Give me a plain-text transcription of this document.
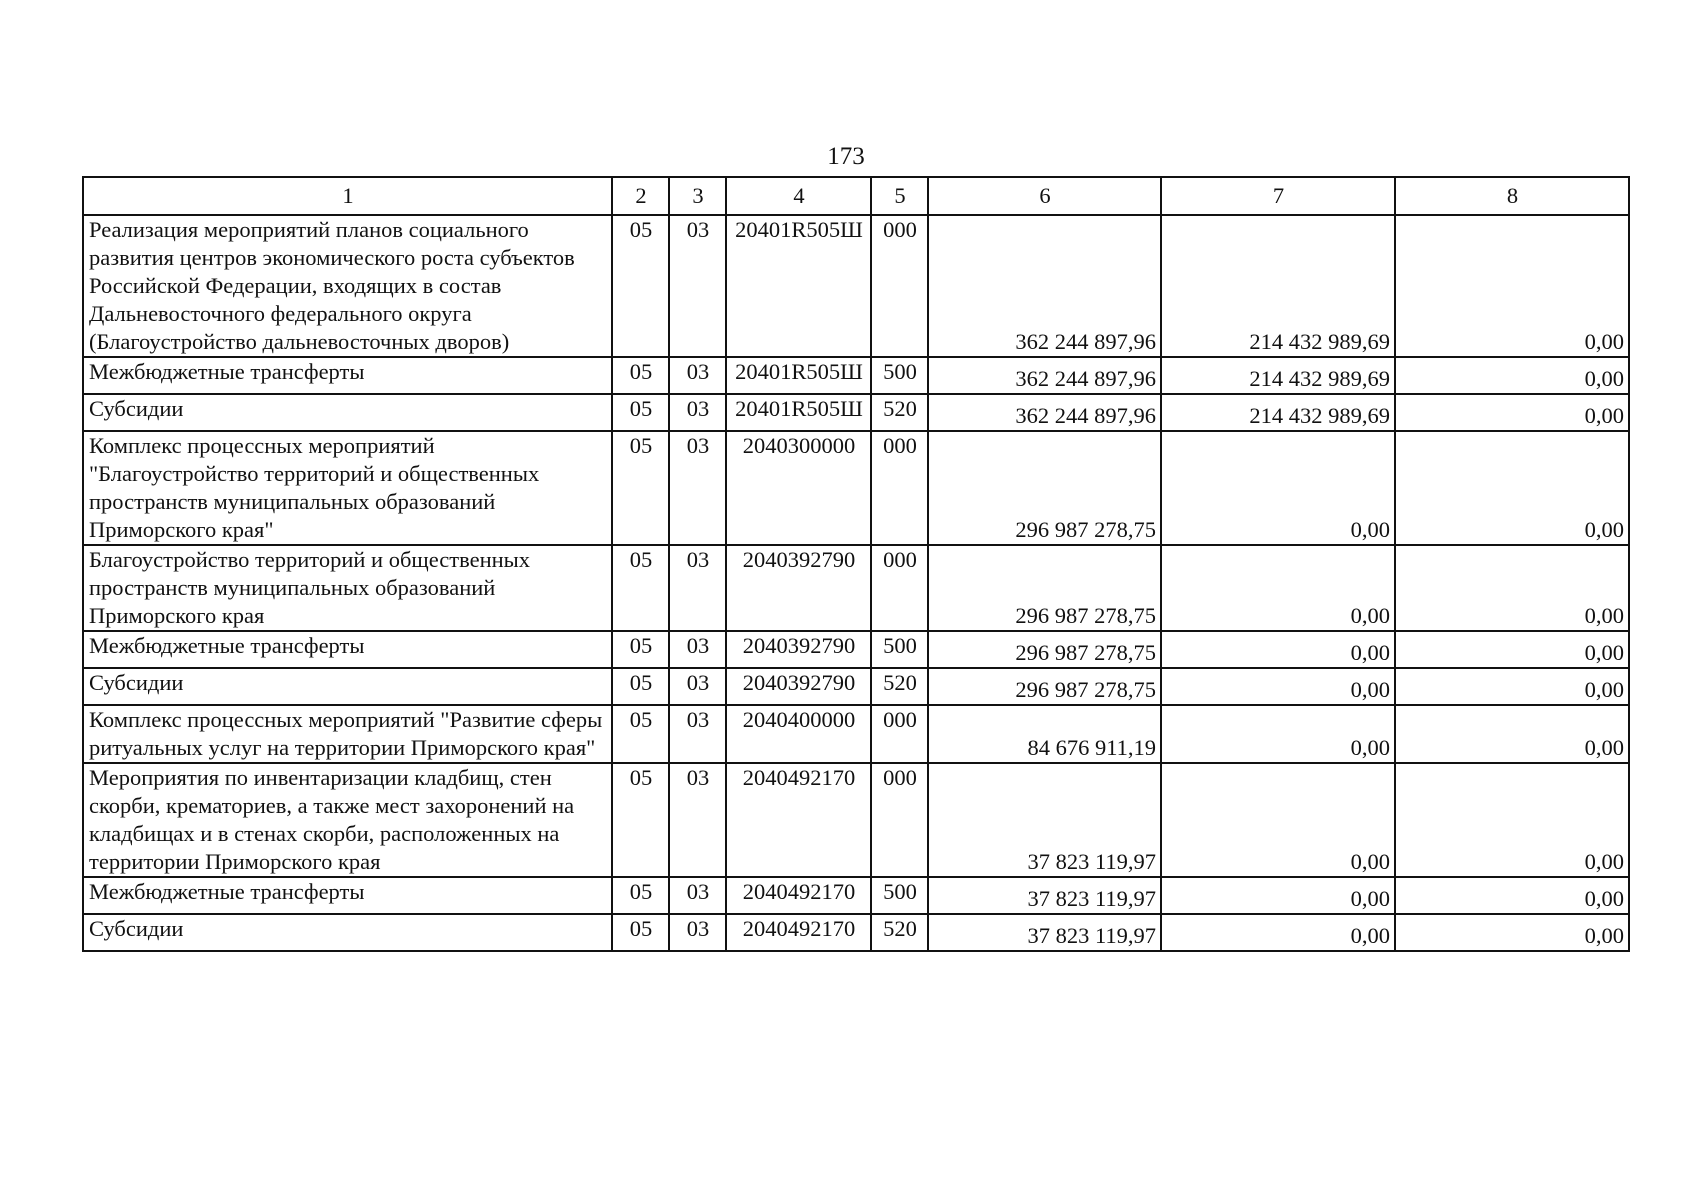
173
1	2	3	4	5	6	7	8
Реализация мероприятий планов социального развития центров экономического роста субъектов Российской Федерации, входящих в состав Дальневосточного федерального округа (Благоустройство дальневосточных дворов)	05	03	20401R505Ш	000	362 244 897,96	214 432 989,69	0,00
Межбюджетные трансферты	05	03	20401R505Ш	500	362 244 897,96	214 432 989,69	0,00
Субсидии	05	03	20401R505Ш	520	362 244 897,96	214 432 989,69	0,00
Комплекс процессных мероприятий "Благоустройство территорий и общественных пространств муниципальных образований Приморского края"	05	03	2040300000	000	296 987 278,75	0,00	0,00
Благоустройство территорий и общественных пространств муниципальных образований Приморского края	05	03	2040392790	000	296 987 278,75	0,00	0,00
Межбюджетные трансферты	05	03	2040392790	500	296 987 278,75	0,00	0,00
Субсидии	05	03	2040392790	520	296 987 278,75	0,00	0,00
Комплекс процессных мероприятий "Развитие сферы ритуальных услуг на территории Приморского края"	05	03	2040400000	000	84 676 911,19	0,00	0,00
Мероприятия по инвентаризации кладбищ, стен скорби, крематориев, а также мест захоронений на кладбищах и в стенах скорби, расположенных на территории Приморского края	05	03	2040492170	000	37 823 119,97	0,00	0,00
Межбюджетные трансферты	05	03	2040492170	500	37 823 119,97	0,00	0,00
Субсидии	05	03	2040492170	520	37 823 119,97	0,00	0,00
